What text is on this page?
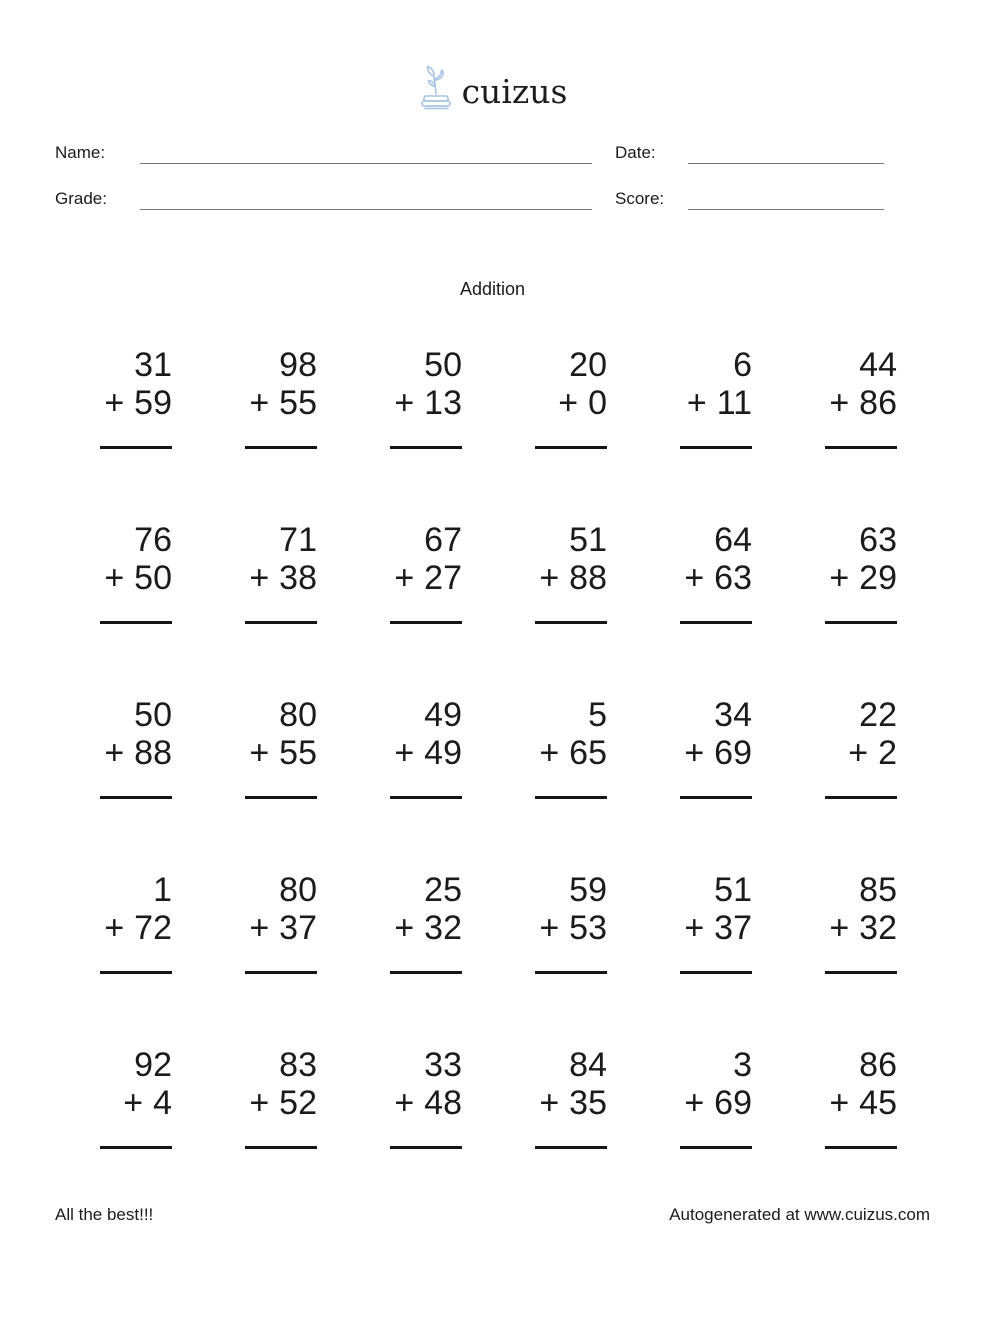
cuizus
Name:	Date:
Grade:	Score:
Addition
31
+ 59
98
+ 55
50
+ 13
20
+ 0
6
+ 11
44
+ 86
76
+ 50
71
+ 38
67
+ 27
51
+ 88
64
+ 63
63
+ 29
50
+ 88
80
+ 55
49
+ 49
5
+ 65
34
+ 69
22
+ 2
1
+ 72
80
+ 37
25
+ 32
59
+ 53
51
+ 37
85
+ 32
92
+ 4
83
+ 52
33
+ 48
84
+ 35
3
+ 69
86
+ 45
All the best!!!	Autogenerated at www.cuizus.com
